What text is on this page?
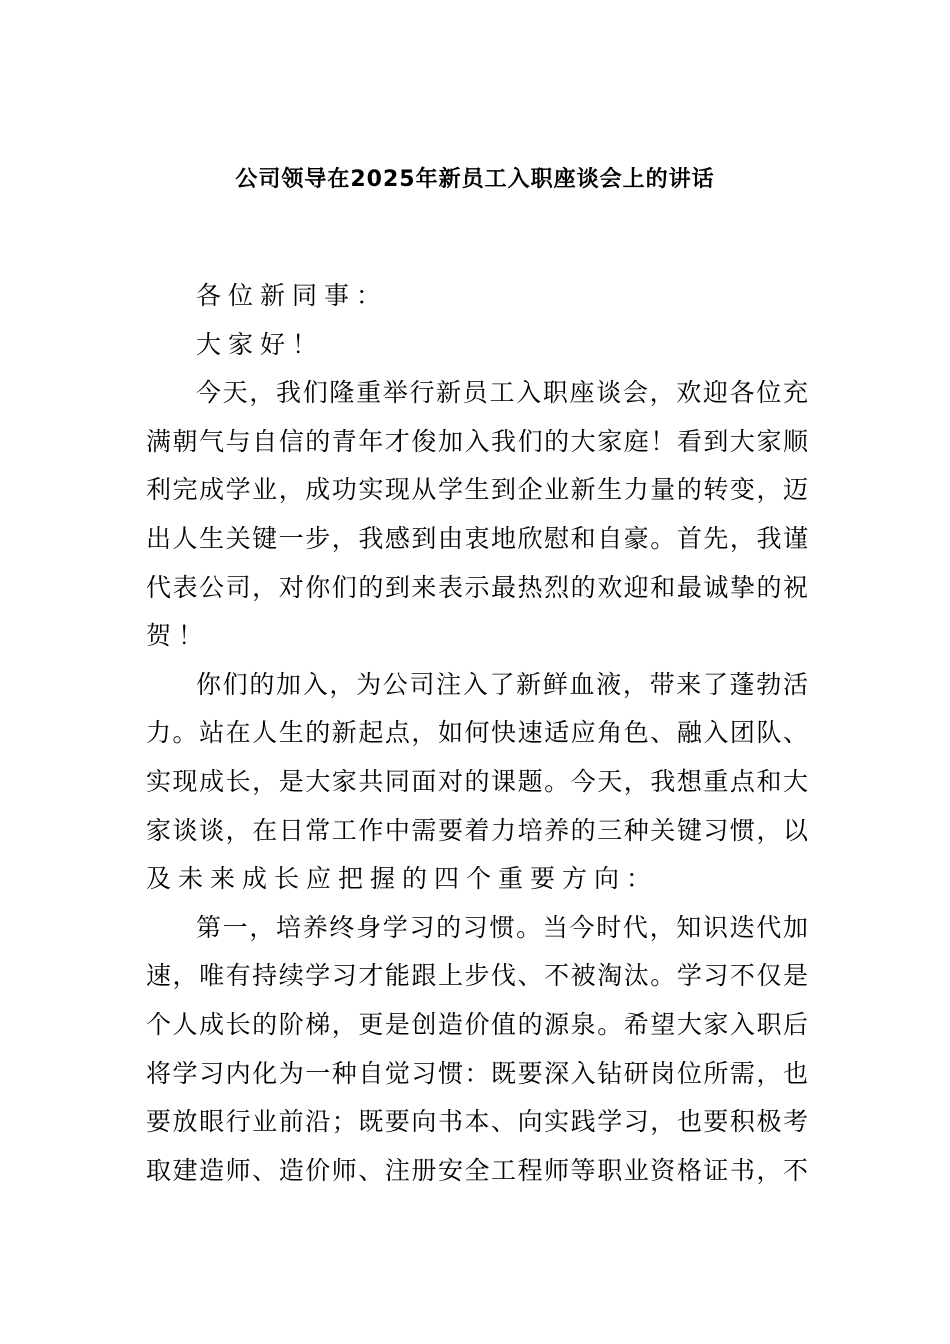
公司领导在2025年新员工入职座谈会上的讲话
各位新同事：
大家好！
今天，我们隆重举行新员工入职座谈会，欢迎各位充
满朝气与自信的青年才俊加入我们的大家庭！看到大家顺
利完成学业，成功实现从学生到企业新生力量的转变，迈
出人生关键一步，我感到由衷地欣慰和自豪。首先，我谨
代表公司，对你们的到来表示最热烈的欢迎和最诚挚的祝
贺！
你们的加入，为公司注入了新鲜血液，带来了蓬勃活
力。站在人生的新起点，如何快速适应角色、融入团队、
实现成长，是大家共同面对的课题。今天，我想重点和大
家谈谈，在日常工作中需要着力培养的三种关键习惯，以
及未来成长应把握的四个重要方向：
第一，培养终身学习的习惯。当今时代，知识迭代加
速，唯有持续学习才能跟上步伐、不被淘汰。学习不仅是
个人成长的阶梯，更是创造价值的源泉。希望大家入职后
将学习内化为一种自觉习惯：既要深入钻研岗位所需，也
要放眼行业前沿；既要向书本、向实践学习，也要积极考
取建造师、造价师、注册安全工程师等职业资格证书，不
